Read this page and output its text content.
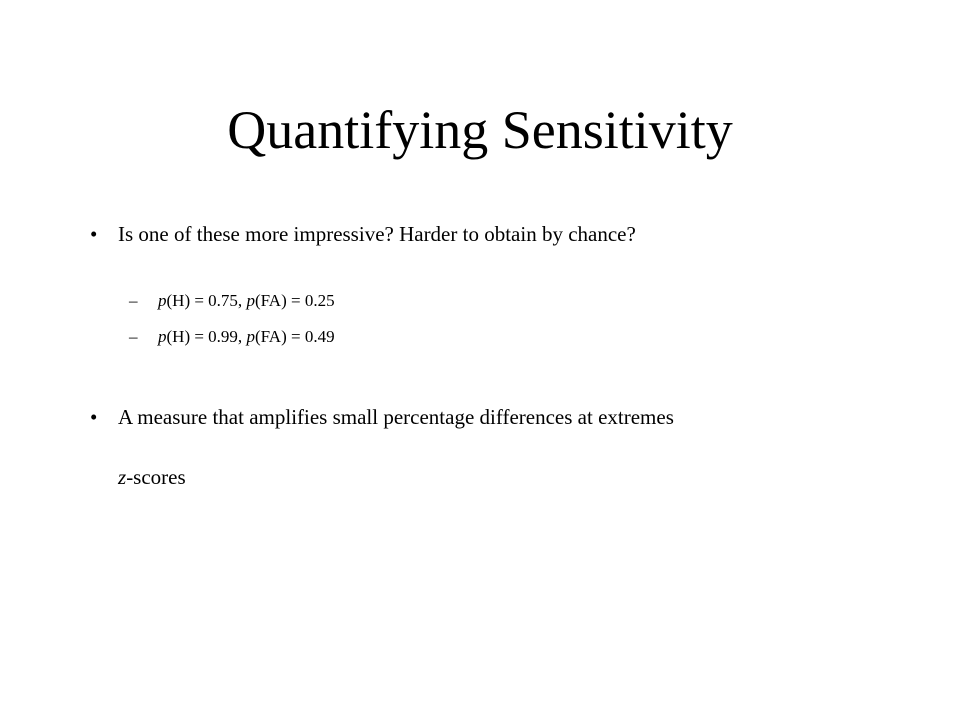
Quantifying Sensitivity
• Is one of these more impressive? Harder to obtain by chance?
– p(H) = 0.75, p(FA) = 0.25
– p(H) = 0.99, p(FA) = 0.49
• A measure that amplifies small percentage differences at extremes
z-scores
